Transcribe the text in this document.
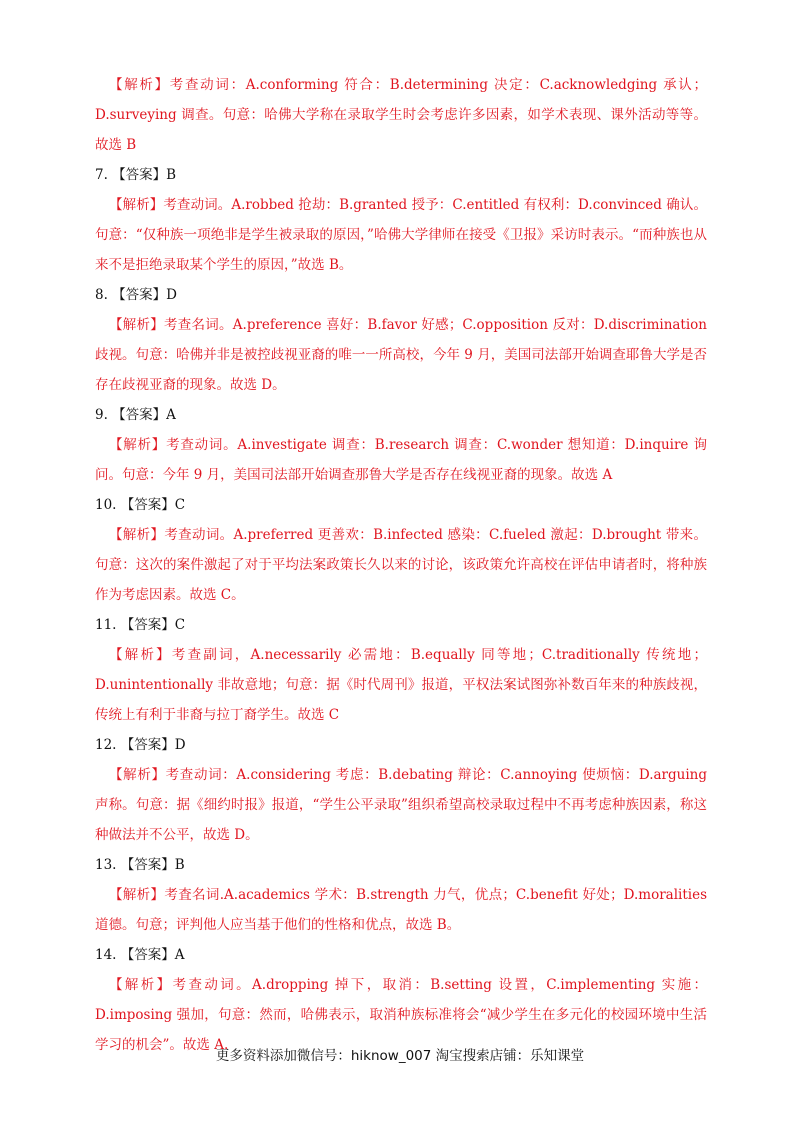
【解析】考查动词：A.conforming 符合：B.determining 决定：C.acknowledging 承认；D.surveying 调查。句意：哈佛大学称在录取学生时会考虑许多因素，如学术表现、课外活动等等。故选 B

7. 【答案】B

【解析】考查动词。A.robbed 抢劫：B.granted 授予：C.entitled 有权利：D.convinced 确认。句意：“仅种族一项绝非是学生被录取的原因，”哈佛大学律师在接受《卫报》采访时表示。“而种族也从来不是拒绝录取某个学生的原因，”故选 B。

8. 【答案】D

【解析】考查名词。A.preference 喜好：B.favor 好感；C.opposition 反对：D.discrimination 歧视。句意：哈佛并非是被控歧视亚裔的唯一一所高校，今年 9 月，美国司法部开始调查耶鲁大学是否存在歧视亚裔的现象。故选 D。

9. 【答案】A

【解析】考查动词。A.investigate 调查：B.research 调查：C.wonder 想知道：D.inquire 询问。句意：今年 9 月，美国司法部开始调查那鲁大学是否存在线视亚裔的现象。故选 A

10. 【答案】C

【解析】考查动词。A.preferred 更善欢：B.infected 感染：C.fueled 激起：D.brought 带来。句意：这次的案件激起了对于平均法案政策长久以来的讨论，该政策允许高校在评估申请者时，将种族作为考虑因素。故选 C。

11. 【答案】C

【解析】考查副词，A.necessarily 必需地：B.equally 同等地；C.traditionally 传统地；D.unintentionally 非故意地；句意：据《时代周刊》报道，平权法案试图弥补数百年来的种族歧视，传统上有利于非裔与拉丁裔学生。故选 C

12. 【答案】D

【解析】考查动词：A.considering 考虑：B.debating 辩论：C.annoying 使烦恼：D.arguing 声称。句意：据《细约时报》报道，“学生公平录取”组织希望高校录取过程中不再考虑种族因素，称这种做法并不公平，故选 D。

13. 【答案】B

【解析】考査名词.A.academics 学术：B.strength 力气，优点；C.benefit 好处；D.moralities 道德。句意；评判他人应当基于他们的性格和优点，故选 B。

14. 【答案】A

【解析】考查动词。A.dropping 掉下，取消：B.setting 设置，C.implementing 实施：D.imposing 强加，句意：然而，哈佛表示，取消种族标准将会“减少学生在多元化的校园环境中生活学习的机会”。故选 A.

更多资料添加微信号：hiknow_007 淘宝搜索店铺：乐知课堂
